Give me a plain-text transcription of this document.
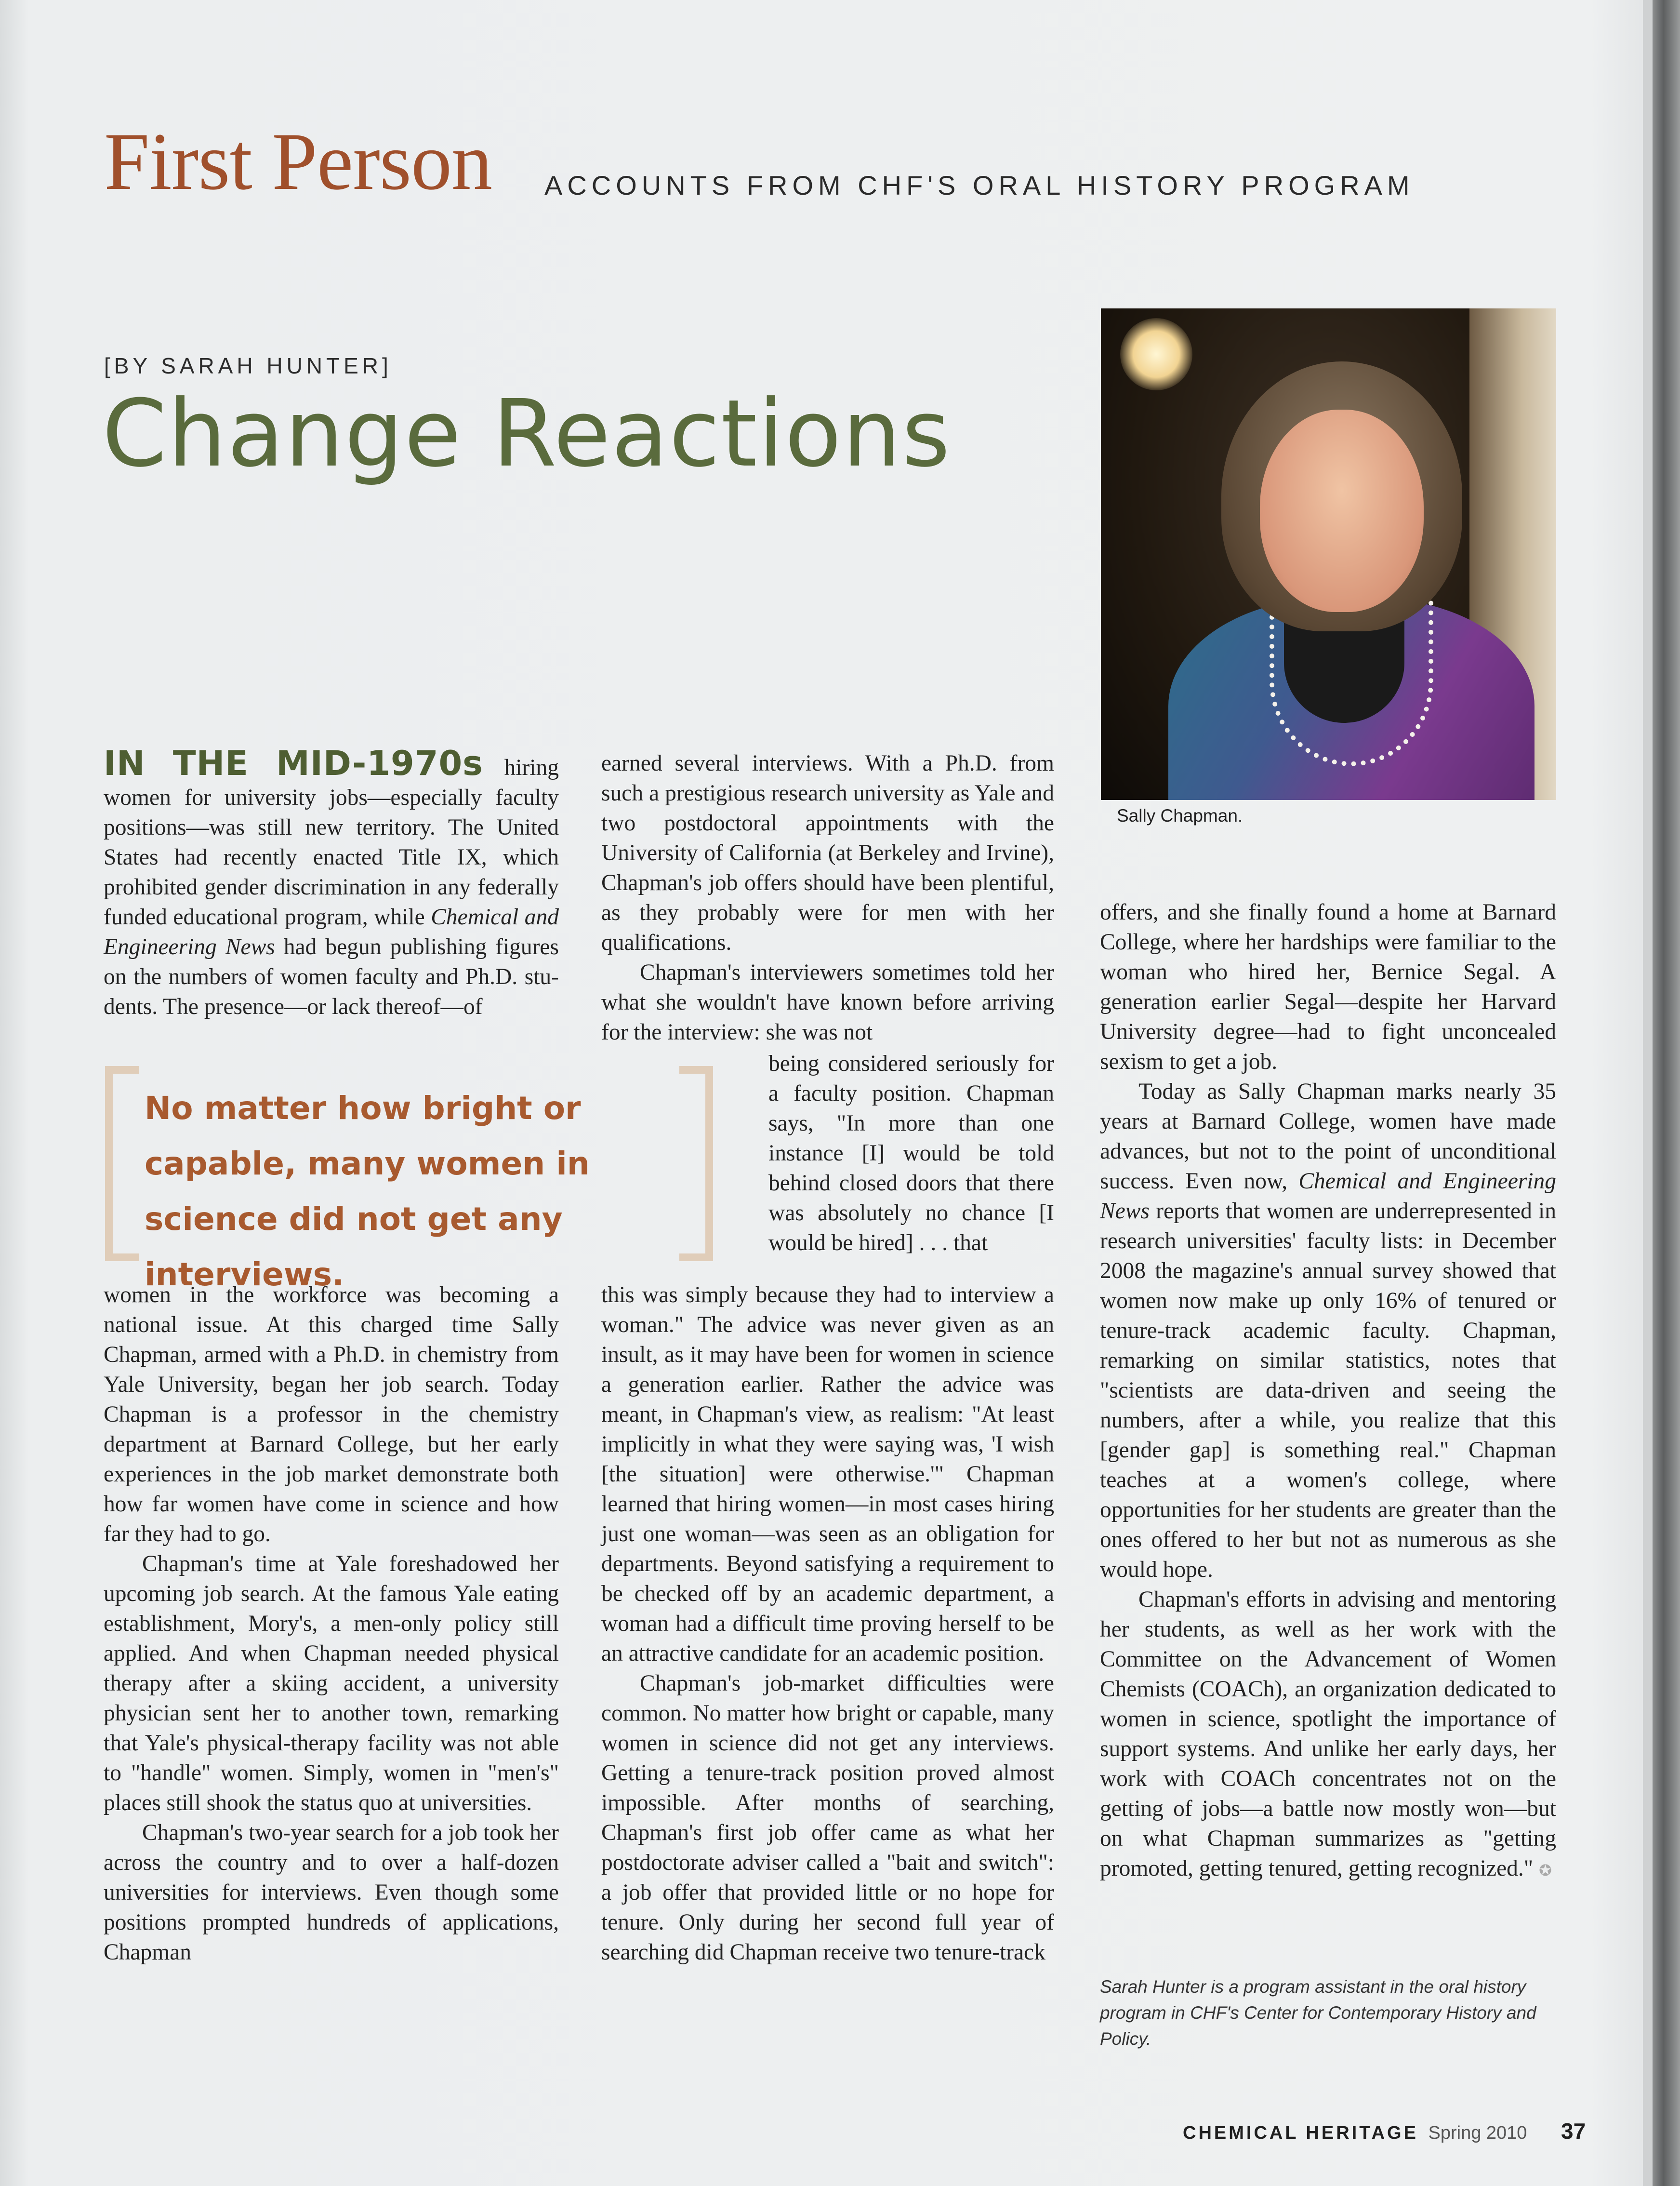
First Person ACCOUNTS FROM CHF'S ORAL HISTORY PROGRAM
[BY SARAH HUNTER]
Change Reactions
Sally Chapman.

IN THE MID-1970s hiring women for university jobs—especially faculty positions—was still new territory. The United States had recently enacted Title IX, which prohibited gender discrimination in any federally funded educational program, while Chemical and Engineering News had begun publishing figures on the numbers of women faculty and Ph.D. students. The presence—or lack thereof—of

No matter how bright or capable, many women in science did not get any interviews.

women in the workforce was becoming a national issue. At this charged time Sally Chapman, armed with a Ph.D. in chemistry from Yale University, began her job search. Today Chapman is a professor in the chemistry department at Barnard College, but her early experiences in the job market demonstrate both how far women have come in science and how far they had to go.

Chapman's time at Yale foreshadowed her upcoming job search. At the famous Yale eating establishment, Mory's, a men-only policy still applied. And when Chapman needed physical therapy after a skiing accident, a university physician sent her to another town, remarking that Yale's physical-therapy facility was not able to "handle" women. Simply, women in "men's" places still shook the status quo at universities.

Chapman's two-year search for a job took her across the country and to over a half-dozen universities for interviews. Even though some positions prompted hundreds of applications, Chapman

earned several interviews. With a Ph.D. from such a prestigious research university as Yale and two postdoctoral appointments with the University of California (at Berkeley and Irvine), Chapman's job offers should have been plentiful, as they probably were for men with her qualifications.

Chapman's interviewers sometimes told her what she wouldn't have known before arriving for the interview: she was not

being considered seriously for a faculty position. Chapman says, "In more than one instance [I] would be told behind closed doors that there was absolutely no chance [I would be hired] . . . that

this was simply because they had to interview a woman." The advice was never given as an insult, as it may have been for women in science a generation earlier. Rather the advice was meant, in Chapman's view, as realism: "At least implicitly in what they were saying was, 'I wish [the situation] were otherwise.'" Chapman learned that hiring women—in most cases hiring just one woman—was seen as an obligation for departments. Beyond satisfying a requirement to be checked off by an academic department, a woman had a difficult time proving herself to be an attractive candidate for an academic position.

Chapman's job-market difficulties were common. No matter how bright or capable, many women in science did not get any interviews. Getting a tenure-track position proved almost impossible. After months of searching, Chapman's first job offer came as what her postdoctorate adviser called a "bait and switch": a job offer that provided little or no hope for tenure. Only during her second full year of searching did Chapman receive two tenure-track

offers, and she finally found a home at Barnard College, where her hardships were familiar to the woman who hired her, Bernice Segal. A generation earlier Segal—despite her Harvard University degree—had to fight unconcealed sexism to get a job.

Today as Sally Chapman marks nearly 35 years at Barnard College, women have made advances, but not to the point of unconditional success. Even now, Chemical and Engineering News reports that women are underrepresented in research universities' faculty lists: in December 2008 the magazine's annual survey showed that women now make up only 16% of tenured or tenure-track academic faculty. Chapman, remarking on similar statistics, notes that "scientists are data-driven and seeing the numbers, after a while, you realize that this [gender gap] is something real." Chapman teaches at a women's college, where opportunities for her students are greater than the ones offered to her but not as numerous as she would hope.

Chapman's efforts in advising and mentoring her students, as well as her work with the Committee on the Advancement of Women Chemists (COACh), an organization dedicated to women in science, spotlight the importance of support systems. And unlike her early days, her work with COACh concentrates not on the getting of jobs—a battle now mostly won—but on what Chapman summarizes as "getting promoted, getting tenured, getting recognized." ✪

Sarah Hunter is a program assistant in the oral history program in CHF's Center for Contemporary History and Policy.
CHEMICAL HERITAGE Spring 2010 37
